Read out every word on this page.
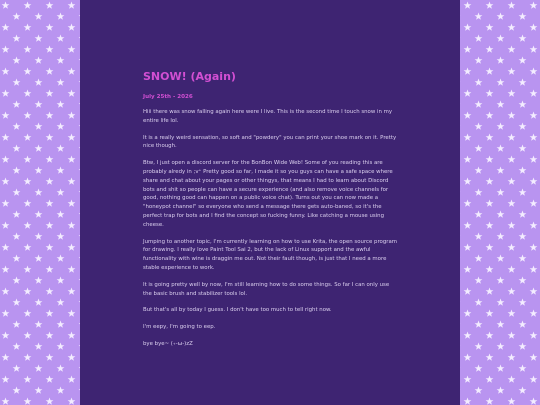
SNOW! (Again)
July 25th - 2026

Hiii there was snow falling again here were I live. This is the second time I touch snow in my entire life lol.

It is a really weird sensation, so soft and "powdery" you can print your shoe mark on it. Pretty nice though.

Btw, I just open a discord server for the BonBon Wide Web! Some of you reading this are probably alredy in ;v⁺ Pretty good so far, I made it so you guys can have a safe space where share and chat about your pages or other thingys, that means I had to learn about Discord bots and shit so people can have a secure experience (and also remove voice channels for good, nothing good can happen on a public voice chat). Turns out you can now made a "honeypot channel" so everyone who send a message there gets auto-baned, so it's the perfect trap for bots and I find the concept so fucking funny. Like catching a mouse using cheese.

Jumping to another topic, I'm currently learning on how to use Krita, the open source program for drawing. I really love Paint Tool Sai 2, but the lack of Linux support and the awful functionality with wine is draggin me out. Not their fault though, is just that I need a more stable experience to work.

It is going pretty well by now, I'm still learning how to do some things. So far I can only use the basic brush and stabilizer tools lol.

But that's all by today I guess. I don't have too much to tell right now.

I'm eepy, I'm going to eep.

bye bye~ (₊-ω-)zZ
